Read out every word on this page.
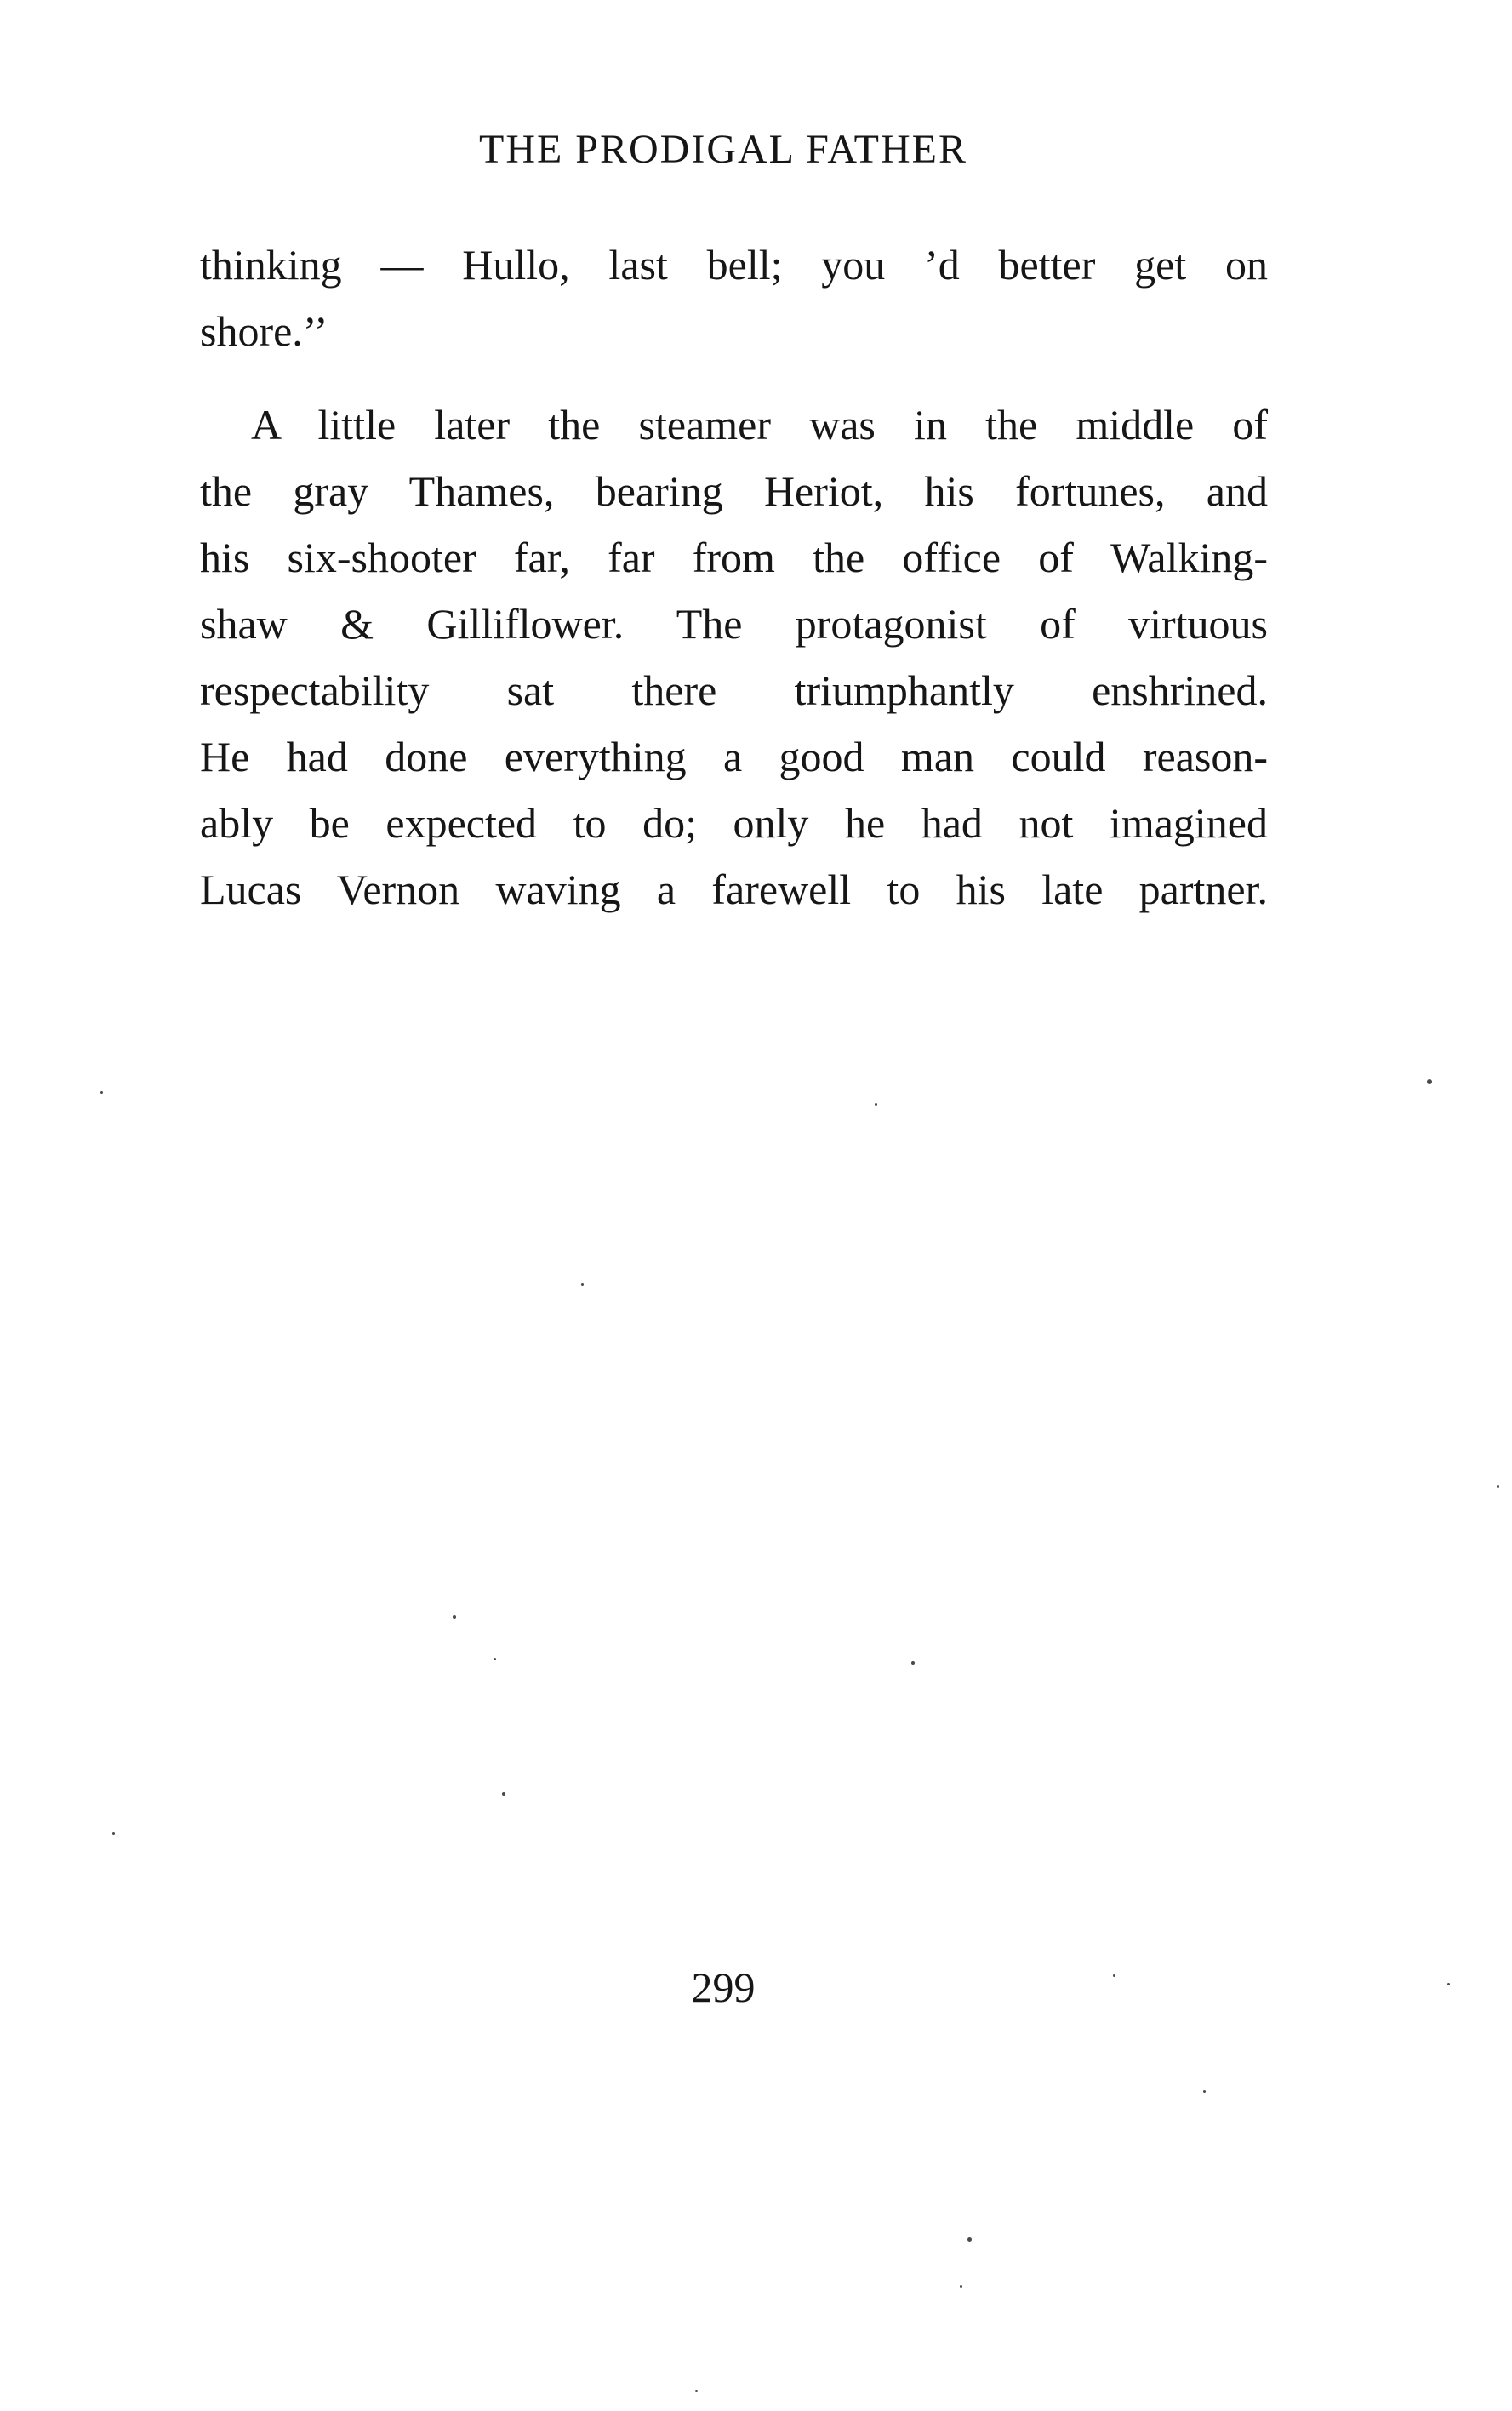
THE PRODIGAL FATHER
thinking — Hullo, last bell; you ’d better get on
shore.’’
A little later the steamer was in the middle of
the gray Thames, bearing Heriot, his fortunes, and
his six-shooter far, far from the office of Walking-
shaw & Gilliflower. The protagonist of virtuous
respectability sat there triumphantly enshrined.
He had done everything a good man could reason-
ably be expected to do; only he had not imagined
Lucas Vernon waving a farewell to his late partner.
299
